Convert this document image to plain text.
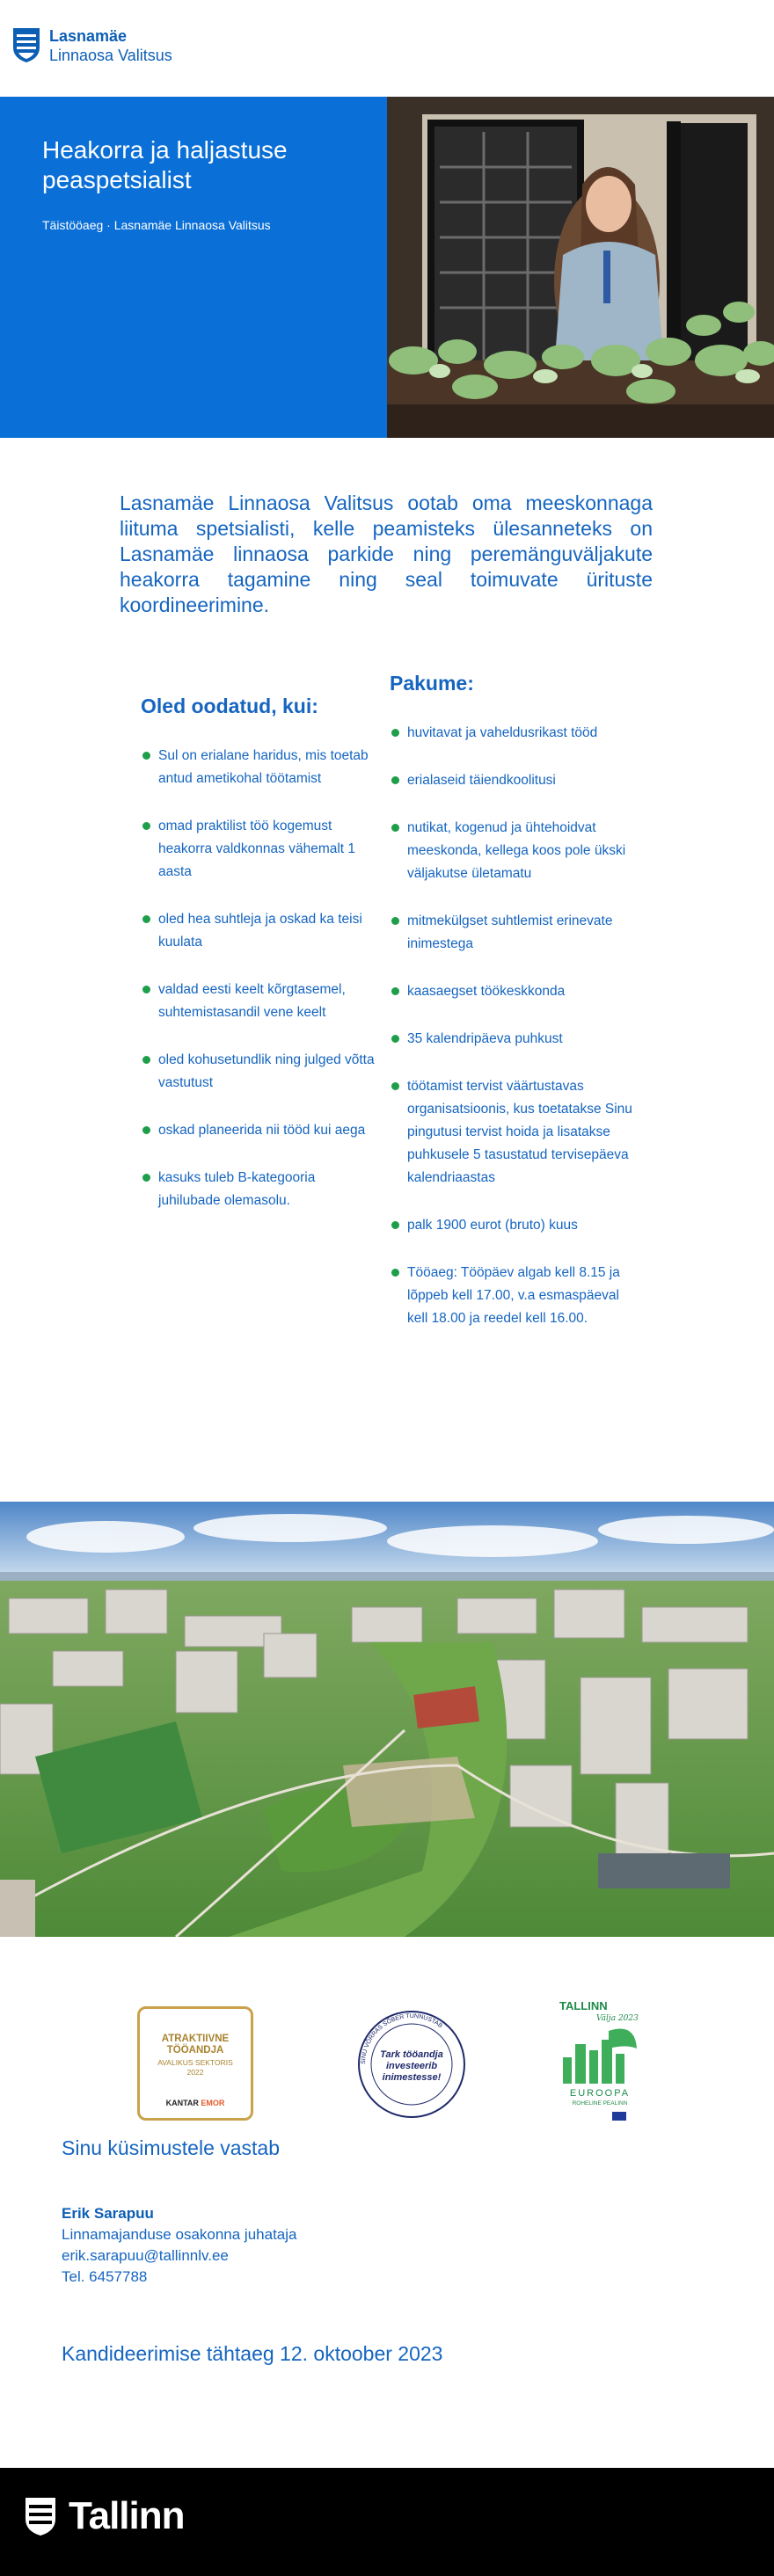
Lasnamäe
Linnaosa Valitsus
Heakorra ja haljastuse peaspetsialist
Täistööaeg · Lasnamäe Linnaosa Valitsus

Lasnamäe Linnaosa Valitsus ootab oma meeskonnaga liituma spetsialisti, kelle peamisteks ülesanneteks on Lasnamäe linnaosa parkide ning peremänguväljakute heakorra tagamine ning seal toimuvate ürituste koordineerimine.

Oled oodatud, kui:
Sul on erialane haridus, mis toetab antud ametikohal töötamist
omad praktilist töö kogemust heakorra valdkonnas vähemalt 1 aasta
oled hea suhtleja ja oskad ka teisi kuulata
valdad eesti keelt kõrgtasemel, suhtemistasandil vene keelt
oled kohusetundlik ning julged võtta vastutust
oskad planeerida nii tööd kui aega
kasuks tuleb B-kategooria juhilubade olemasolu.
Pakume:
huvitavat ja vaheldusrikast tööd
erialaseid täiendkoolitusi
nutikat, kogenud ja ühtehoidvat meeskonda, kellega koos pole ükski väljakutse ületamatu
mitmekülgset suhtlemist erinevate inimestega
kaasaegset töökeskkonda
35 kalendripäeva puhkust
töötamist tervist väärtustavas organisatsioonis, kus toetatakse Sinu pingutusi tervist hoida ja lisatakse puhkusele 5 tasustatud tervisepäeva kalendriaastas
palk 1900 eurot (bruto) kuus
Tööaeg: Tööpäev algab kell 8.15 ja lõppeb kell 17.00, v.a esmaspäeval kell 18.00 ja reedel kell 16.00.
ATRAKTIIVNE
TÖÖANDJA
AVALIKUS SEKTORIS
2022
KANTAR EMOR
SINU VÕRRAS SÕBER TUNNUSTAB
Tark tööandja
investeerib
inimestesse!
TALLINN
Välja 2023
EUROOPA
ROHELINE PEALINN
Sinu küsimustele vastab
Erik Sarapuu
Linnamajanduse osakonna juhataja
erik.sarapuu@tallinnlv.ee
Tel. 6457788
Kandideerimise tähtaeg 12. oktoober 2023
Tallinn
